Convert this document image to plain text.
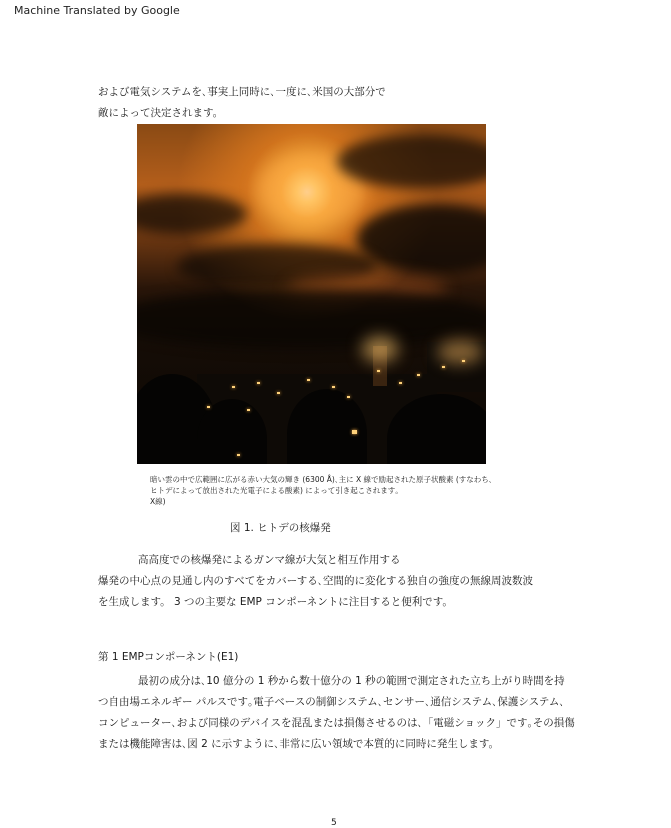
Machine Translated by Google
および電気システムを､事実上同時に､一度に､米国の大部分で
敵によって決定されます。
暗い雲の中で広範囲に広がる赤い大気の輝き (6300 Å)､主に X 線で励起された原子状酸素 (すなわち､
ヒトデによって放出された光電子による酸素) によって引き起こされます｡
X線)
図 1. ヒトデの核爆発
高高度での核爆発によるガンマ線が大気と相互作用する
爆発の中心点の見通し内のすべてをカバーする､空間的に変化する独自の強度の無線周波数波
を生成します。 3 つの主要な EMP コンポーネントに注目すると便利です。
第 1 EMPコンポーネント(E1)
最初の成分は､10 億分の 1 秒から数十億分の 1 秒の範囲で測定された立ち上がり時間を持
つ自由場エネルギー パルスです｡電子ベースの制御システム､センサー､通信システム､保護システム､
コンピューター､および同様のデバイスを混乱または損傷させるのは､「電磁ショック」です｡その損傷
または機能障害は､図 2 に示すように､非常に広い領域で本質的に同時に発生します。
5
